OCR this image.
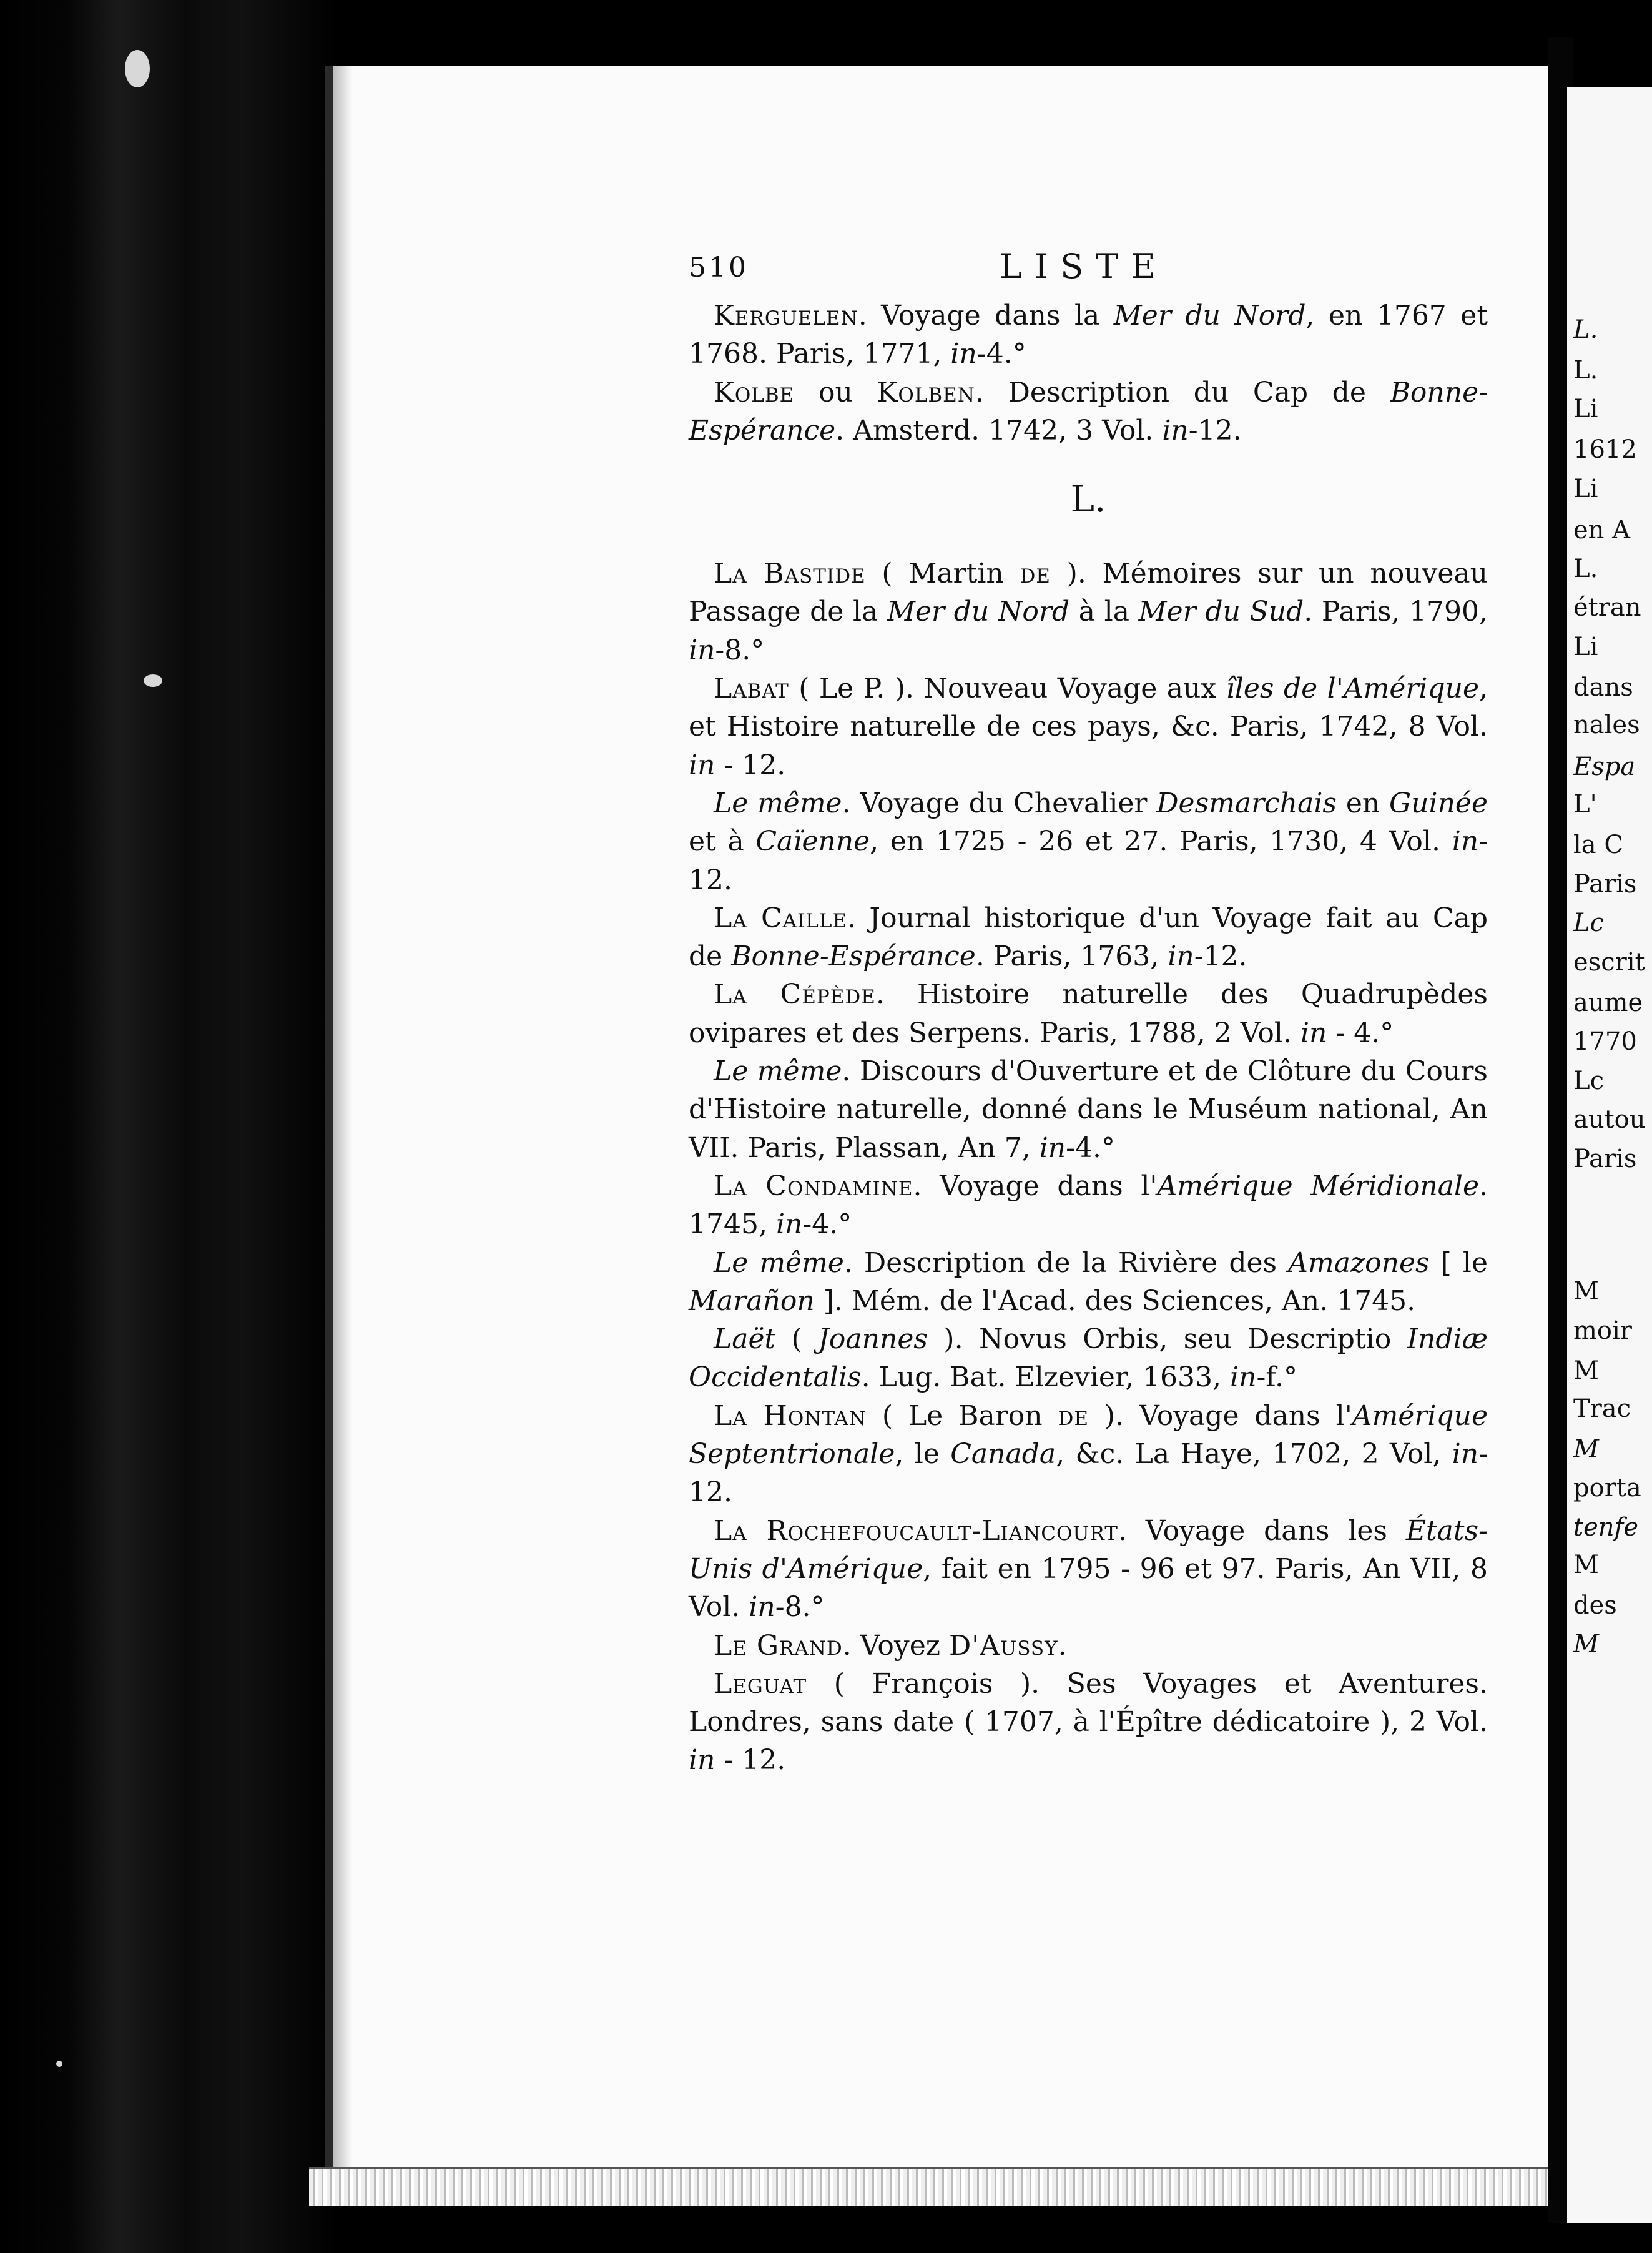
L.
L.
Li
1612
Li
en A
L.
étran
Li
dans
nales
Espa
L'
la C
Paris
Lc
escrit
aume
1770
Lc
autou
Paris
M
moir
M
Trac
M
porta
tenfe
M
des
M
510	LISTE

Kerguelen. Voyage dans la Mer du Nord, en 1767 et 1768. Paris, 1771, in-4.°

Kolbe ou Kolben. Description du Cap de Bonne-Espérance. Amsterd. 1742, 3 Vol. in-12.

L.

La Bastide ( Martin de ). Mémoires sur un nouveau Passage de la Mer du Nord à la Mer du Sud. Paris, 1790, in-8.°

Labat ( Le P. ). Nouveau Voyage aux îles de l'Amérique, et Histoire naturelle de ces pays, &c. Paris, 1742, 8 Vol. in - 12.

Le même. Voyage du Chevalier Desmarchais en Guinée et à Caïenne, en 1725 - 26 et 27. Paris, 1730, 4 Vol. in-12.

La Caille. Journal historique d'un Voyage fait au Cap de Bonne-Espérance. Paris, 1763, in-12.

La Cépède. Histoire naturelle des Quadrupèdes ovipares et des Serpens. Paris, 1788, 2 Vol. in - 4.°

Le même. Discours d'Ouverture et de Clôture du Cours d'Histoire naturelle, donné dans le Muséum national, An VII. Paris, Plassan, An 7, in-4.°

La Condamine. Voyage dans l'Amérique Méridionale. 1745, in-4.°

Le même. Description de la Rivière des Amazones [ le Marañon ]. Mém. de l'Acad. des Sciences, An. 1745.

Laët ( Joannes ). Novus Orbis, seu Descriptio Indiæ Occidentalis. Lug. Bat. Elzevier, 1633, in-f.°

La Hontan ( Le Baron de ). Voyage dans l'Amérique Septentrionale, le Canada, &c. La Haye, 1702, 2 Vol, in-12.

La Rochefoucault-Liancourt. Voyage dans les États-Unis d'Amérique, fait en 1795 - 96 et 97. Paris, An VII, 8 Vol. in-8.°

Le Grand. Voyez D'Aussy.

Leguat ( François ). Ses Voyages et Aventures. Londres, sans date ( 1707, à l'Épître dédicatoire ), 2 Vol. in - 12.
